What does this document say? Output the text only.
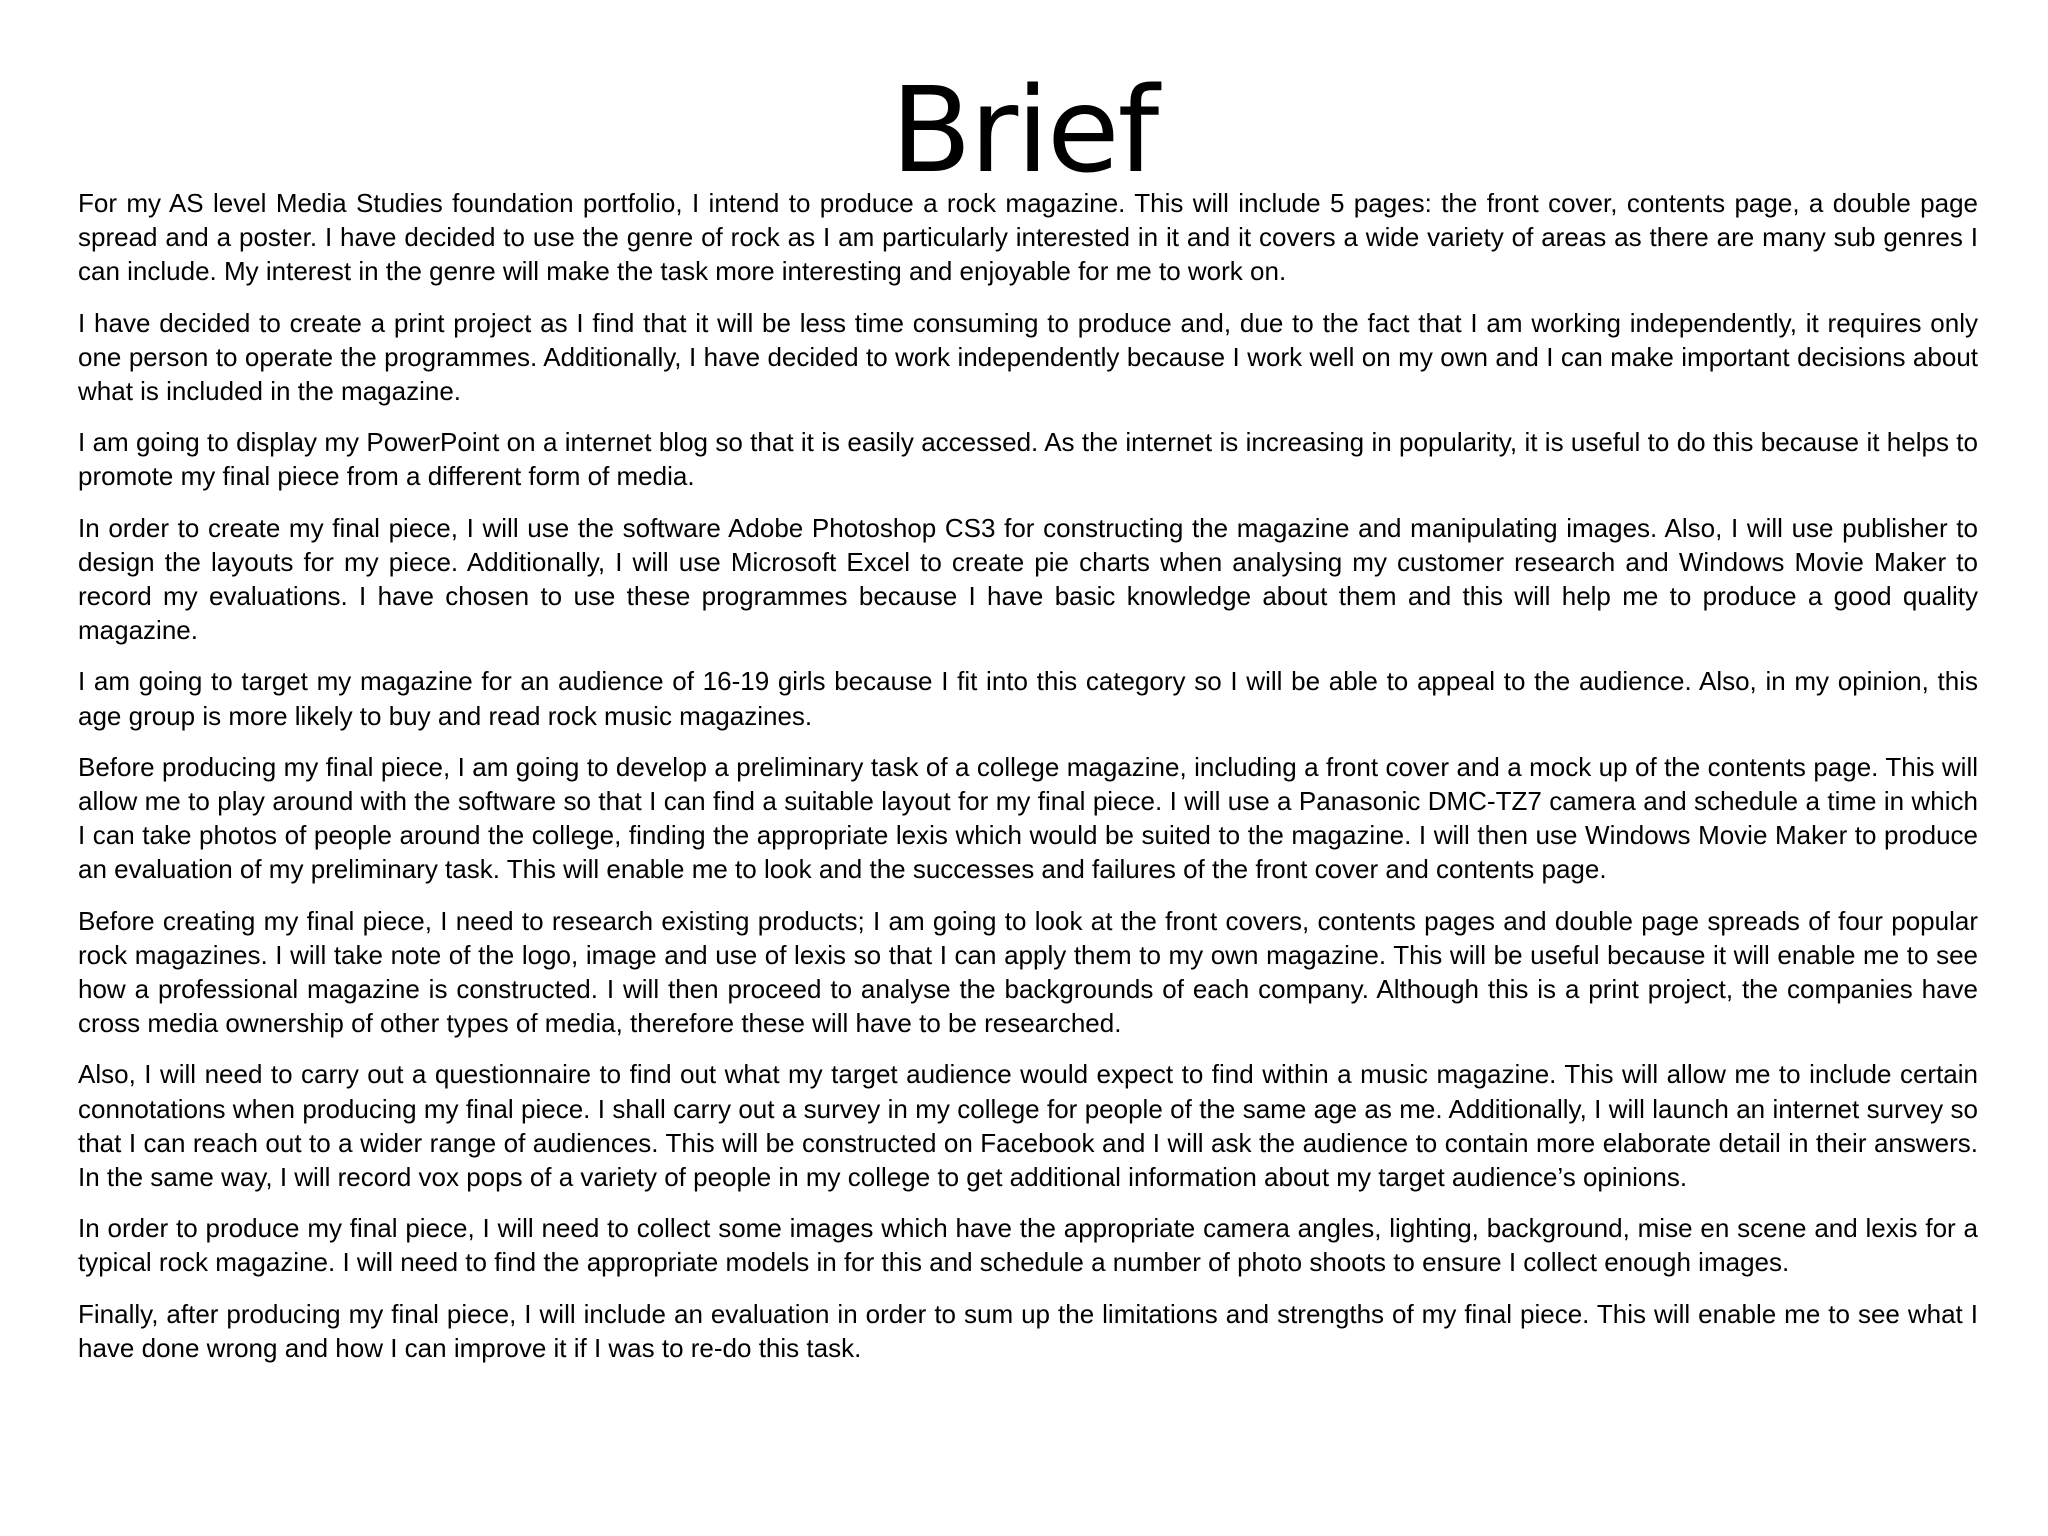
Brief

For my AS level Media Studies foundation portfolio, I intend to produce a rock magazine. This will include 5 pages: the front cover, contents page, a double page spread and a poster. I have decided to use the genre of rock as I am particularly interested in it and it covers a wide variety of areas as there are many sub genres I can include. My interest in the genre will make the task more interesting and enjoyable for me to work on.

I have decided to create a print project as I find that it will be less time consuming to produce and, due to the fact that I am working independently, it requires only one person to operate the programmes. Additionally, I have decided to work independently because I work well on my own and I can make important decisions about what is included in the magazine.

I am going to display my PowerPoint on a internet blog so that it is easily accessed. As the internet is increasing in popularity, it is useful to do this because it helps to promote my final piece from a different form of media.

In order to create my final piece, I will use the software Adobe Photoshop CS3 for constructing the magazine and manipulating images. Also, I will use publisher to design the layouts for my piece. Additionally, I will use Microsoft Excel to create pie charts when analysing my customer research and Windows Movie Maker to record my evaluations. I have chosen to use these programmes because I have basic knowledge about them and this will help me to produce a good quality magazine.

I am going to target my magazine for an audience of 16-19 girls because I fit into this category so I will be able to appeal to the audience. Also, in my opinion, this age group is more likely to buy and read rock music magazines.

Before producing my final piece, I am going to develop a preliminary task of a college magazine, including a front cover and a mock up of the contents page. This will allow me to play around with the software so that I can find a suitable layout for my final piece. I will use a Panasonic DMC-TZ7 camera and schedule a time in which I can take photos of people around the college, finding the appropriate lexis which would be suited to the magazine. I will then use Windows Movie Maker to produce an evaluation of my preliminary task. This will enable me to look and the successes and failures of the front cover and contents page.

Before creating my final piece, I need to research existing products; I am going to look at the front covers, contents pages and double page spreads of four popular rock magazines. I will take note of the logo, image and use of lexis so that I can apply them to my own magazine. This will be useful because it will enable me to see how a professional magazine is constructed. I will then proceed to analyse the backgrounds of each company. Although this is a print project, the companies have cross media ownership of other types of media, therefore these will have to be researched.

Also, I will need to carry out a questionnaire to find out what my target audience would expect to find within a music magazine. This will allow me to include certain connotations when producing my final piece. I shall carry out a survey in my college for people of the same age as me. Additionally, I will launch an internet survey so that I can reach out to a wider range of audiences. This will be constructed on Facebook and I will ask the audience to contain more elaborate detail in their answers. In the same way, I will record vox pops of a variety of people in my college to get additional information about my target audience’s opinions.

In order to produce my final piece, I will need to collect some images which have the appropriate camera angles, lighting, background, mise en scene and lexis for a typical rock magazine. I will need to find the appropriate models in for this and schedule a number of photo shoots to ensure I collect enough images.

Finally, after producing my final piece, I will include an evaluation in order to sum up the limitations and strengths of my final piece. This will enable me to see what I have done wrong and how I can improve it if I was to re-do this task.
